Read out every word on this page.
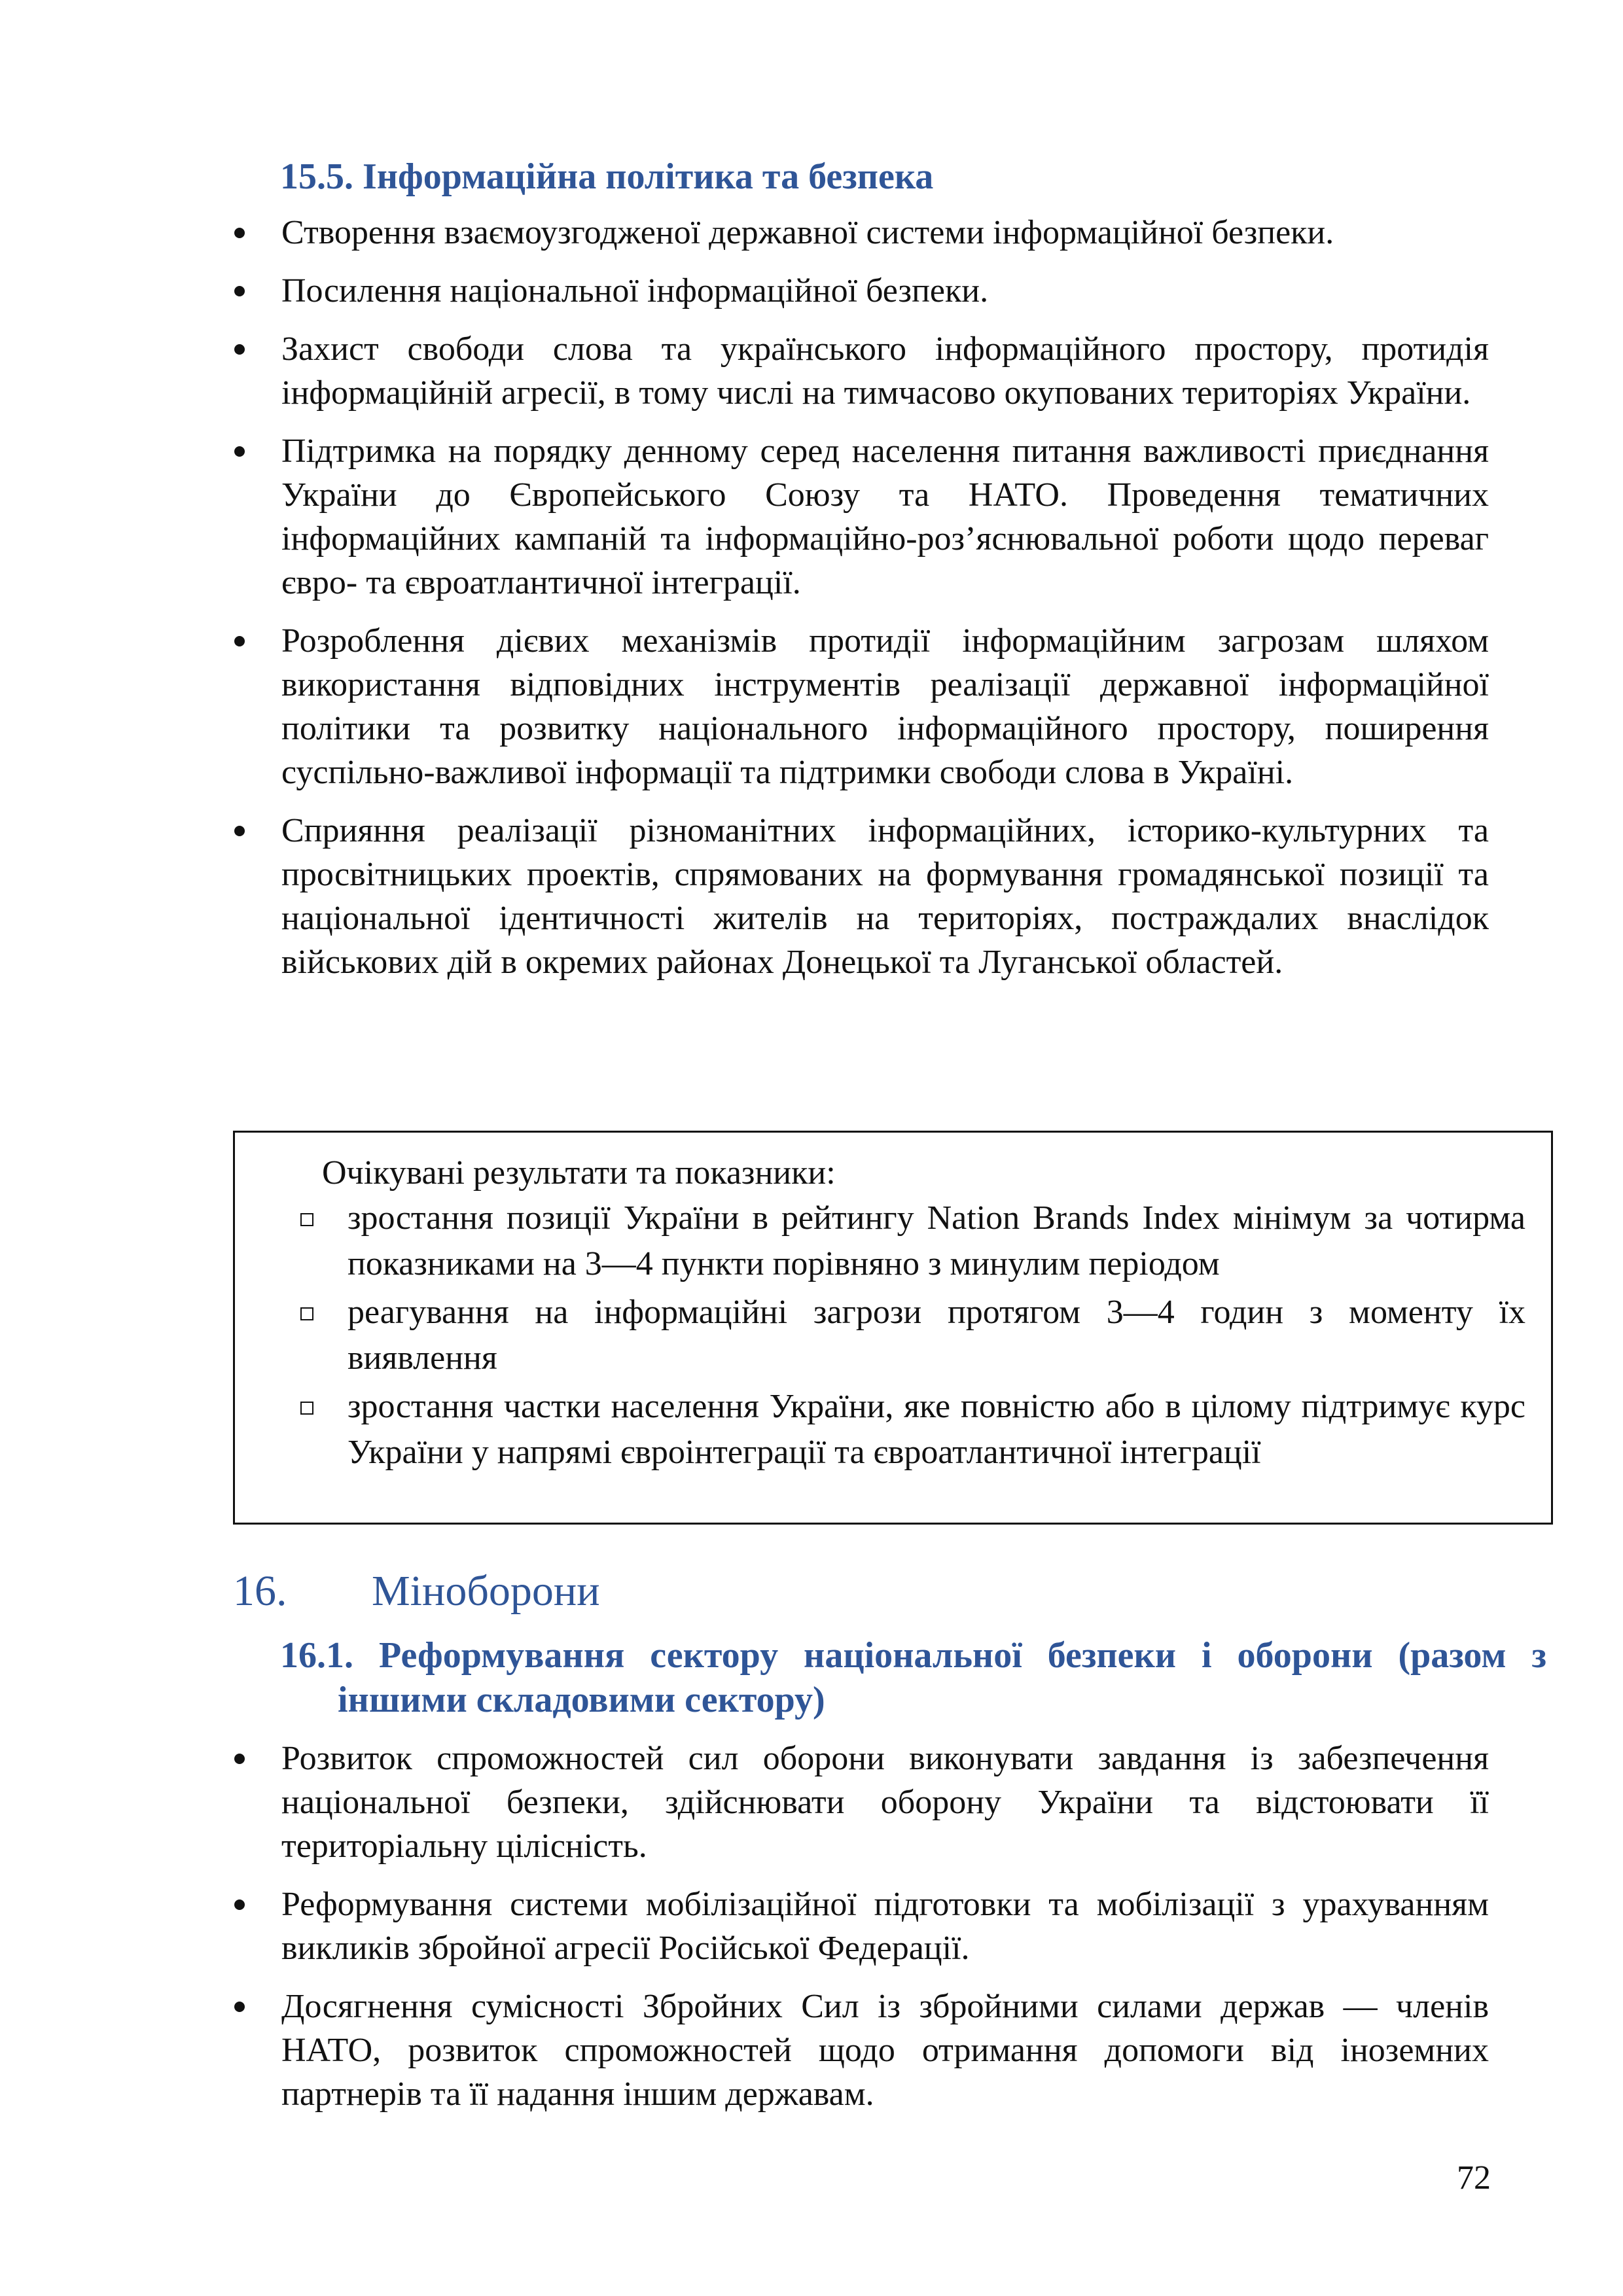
15.5. Інформаційна політика та безпека
Створення взаємоузгодженої державної системи інформаційної безпеки.
Посилення національної інформаційної безпеки.
Захист свободи слова та українського інформаційного простору, протидія інформаційній агресії, в тому числі на тимчасово окупованих територіях України.
Підтримка на порядку денному серед населення питання важливості приєднання України до Європейського Союзу та НАТО. Проведення тематичних інформаційних кампаній та інформаційно-роз’яснювальної роботи щодо переваг євро- та євроатлантичної інтеграції.
Розроблення дієвих механізмів протидії інформаційним загрозам шляхом використання відповідних інструментів реалізації державної інформаційної політики та розвитку національного інформаційного простору, поширення суспільно-важливої інформації та підтримки свободи слова в Україні.
Сприяння реалізації різноманітних інформаційних, історико-культурних та просвітницьких проектів, спрямованих на формування громадянської позиції та національної ідентичності жителів на територіях, постраждалих внаслідок військових дій в окремих районах Донецької та Луганської областей.

Очікувані результати та показники:

зростання позиції України в рейтингу Nation Brands Index мінімум за чотирма показниками на 3—4 пункти порівняно з минулим періодом
реагування на інформаційні загрози протягом 3—4 годин з моменту їх виявлення
зростання частки населення України, яке повністю або в цілому підтримує курс України у напрямі євроінтеграції та євроатлантичної інтеграції
16. Міноборони
16.1. Реформування сектору національної безпеки і оборони (разом з іншими складовими сектору)
Розвиток спроможностей сил оборони виконувати завдання із забезпечення національної безпеки, здійснювати оборону України та відстоювати її територіальну цілісність.
Реформування системи мобілізаційної підготовки та мобілізації з урахуванням викликів збройної агресії Російської Федерації.
Досягнення сумісності Збройних Сил із збройними силами держав — членів НАТО, розвиток спроможностей щодо отримання допомоги від іноземних партнерів та її надання іншим державам.
72
